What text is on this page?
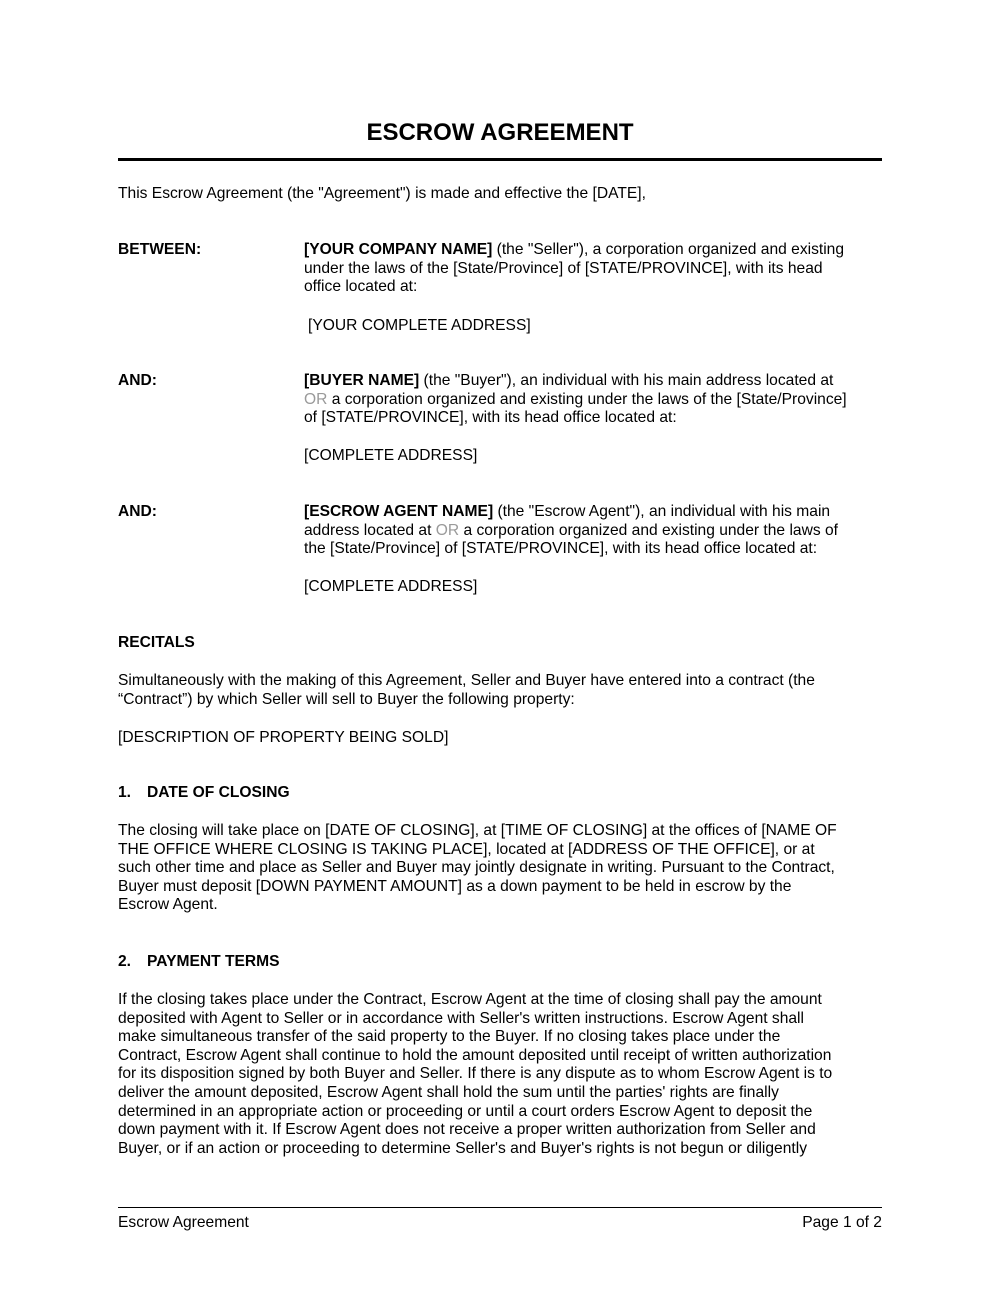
ESCROW AGREEMENT
This Escrow Agreement (the "Agreement") is made and effective the [DATE],
BETWEEN:	[YOUR COMPANY NAME] (the "Seller"), a corporation organized and existing
under the laws of the [State/Province] of [STATE/PROVINCE], with its head
office located at:
[YOUR COMPLETE ADDRESS]
AND:	[BUYER NAME] (the "Buyer"), an individual with his main address located at
OR a corporation organized and existing under the laws of the [State/Province]
of [STATE/PROVINCE], with its head office located at:
[COMPLETE ADDRESS]
AND:	[ESCROW AGENT NAME] (the "Escrow Agent"), an individual with his main
address located at OR a corporation organized and existing under the laws of
the [State/Province] of [STATE/PROVINCE], with its head office located at:
[COMPLETE ADDRESS]
RECITALS
Simultaneously with the making of this Agreement, Seller and Buyer have entered into a contract (the
“Contract”) by which Seller will sell to Buyer the following property:
[DESCRIPTION OF PROPERTY BEING SOLD]
1. DATE OF CLOSING
The closing will take place on [DATE OF CLOSING], at [TIME OF CLOSING] at the offices of [NAME OF
THE OFFICE WHERE CLOSING IS TAKING PLACE], located at [ADDRESS OF THE OFFICE], or at
such other time and place as Seller and Buyer may jointly designate in writing. Pursuant to the Contract,
Buyer must deposit [DOWN PAYMENT AMOUNT] as a down payment to be held in escrow by the
Escrow Agent.
2. PAYMENT TERMS
If the closing takes place under the Contract, Escrow Agent at the time of closing shall pay the amount
deposited with Agent to Seller or in accordance with Seller's written instructions. Escrow Agent shall
make simultaneous transfer of the said property to the Buyer. If no closing takes place under the
Contract, Escrow Agent shall continue to hold the amount deposited until receipt of written authorization
for its disposition signed by both Buyer and Seller. If there is any dispute as to whom Escrow Agent is to
deliver the amount deposited, Escrow Agent shall hold the sum until the parties' rights are finally
determined in an appropriate action or proceeding or until a court orders Escrow Agent to deposit the
down payment with it. If Escrow Agent does not receive a proper written authorization from Seller and
Buyer, or if an action or proceeding to determine Seller's and Buyer's rights is not begun or diligently
Escrow Agreement	Page 1 of 2
